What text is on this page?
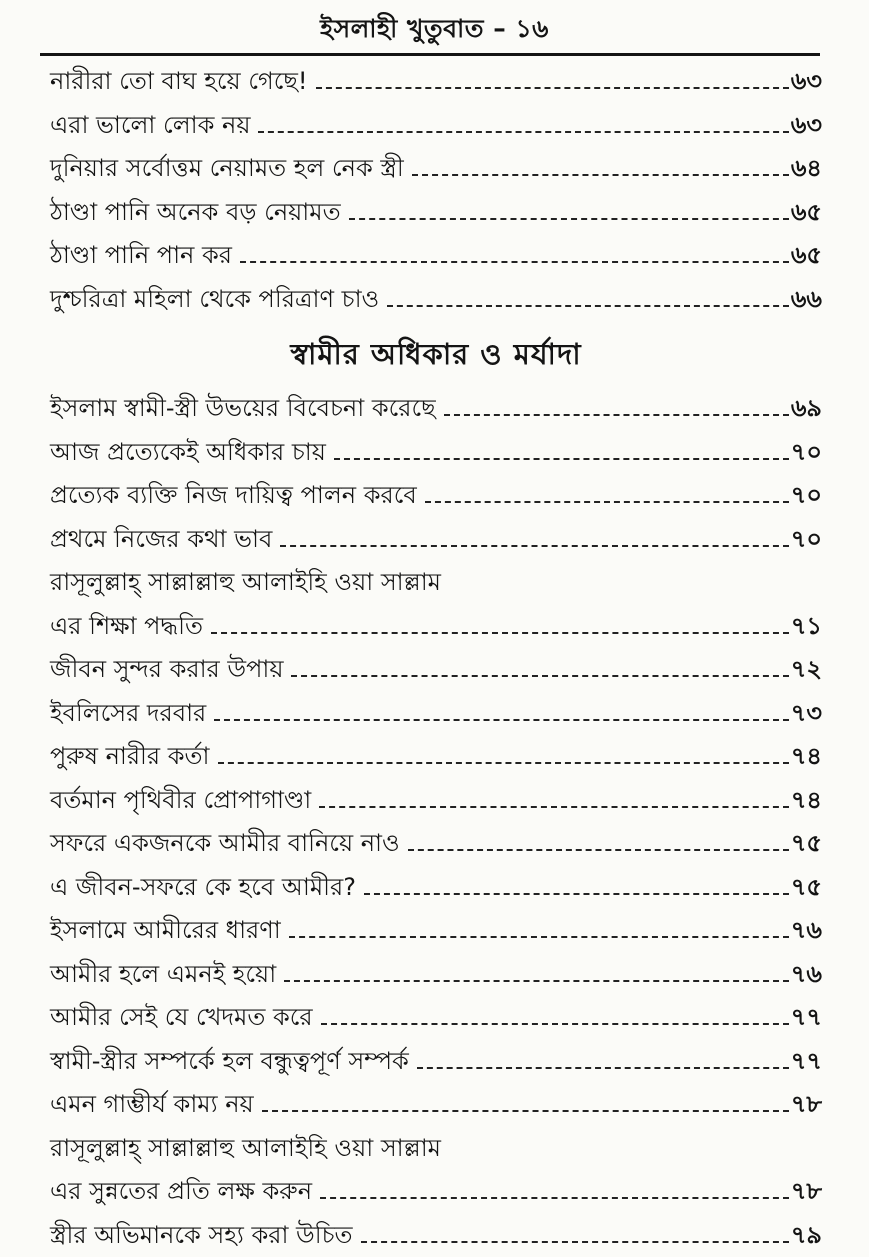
ইসলাহী খুতুবাত – ১৬
নারীরা তো বাঘ হয়ে গেছে!	৬৩
এরা ভালো লোক নয়	৬৩
দুনিয়ার সর্বোত্তম নেয়ামত হল নেক স্ত্রী	৬৪
ঠাণ্ডা পানি অনেক বড় নেয়ামত	৬৫
ঠাণ্ডা পানি পান কর	৬৫
দুশ্চরিত্রা মহিলা থেকে পরিত্রাণ চাও	৬৬
স্বামীর অধিকার ও মর্যাদা
ইসলাম স্বামী-স্ত্রী উভয়ের বিবেচনা করেছে	৬৯
আজ প্রত্যেকেই অধিকার চায়	৭০
প্রত্যেক ব্যক্তি নিজ দায়িত্ব পালন করবে	৭০
প্রথমে নিজের কথা ভাব	৭০
রাসূলুল্লাহ্‌ সাল্লাল্লাহু আলাইহি ওয়া সাল্লাম
এর শিক্ষা পদ্ধতি	৭১
জীবন সুন্দর করার উপায়	৭২
ইবলিসের দরবার	৭৩
পুরুষ নারীর কর্তা	৭৪
বর্তমান পৃথিবীর প্রোপাগাণ্ডা	৭৪
সফরে একজনকে আমীর বানিয়ে নাও	৭৫
এ জীবন-সফরে কে হবে আমীর?	৭৫
ইসলামে আমীরের ধারণা	৭৬
আমীর হলে এমনই হয়ো	৭৬
আমীর সেই যে খেদমত করে	৭৭
স্বামী-স্ত্রীর সম্পর্কে হল বন্ধুত্বপূর্ণ সম্পর্ক	৭৭
এমন গাম্ভীর্য কাম্য নয়	৭৮
রাসূলুল্লাহ্‌ সাল্লাল্লাহু আলাইহি ওয়া সাল্লাম
এর সুন্নতের প্রতি লক্ষ করুন	৭৮
স্ত্রীর অভিমানকে সহ্য করা উচিত	৭৯
